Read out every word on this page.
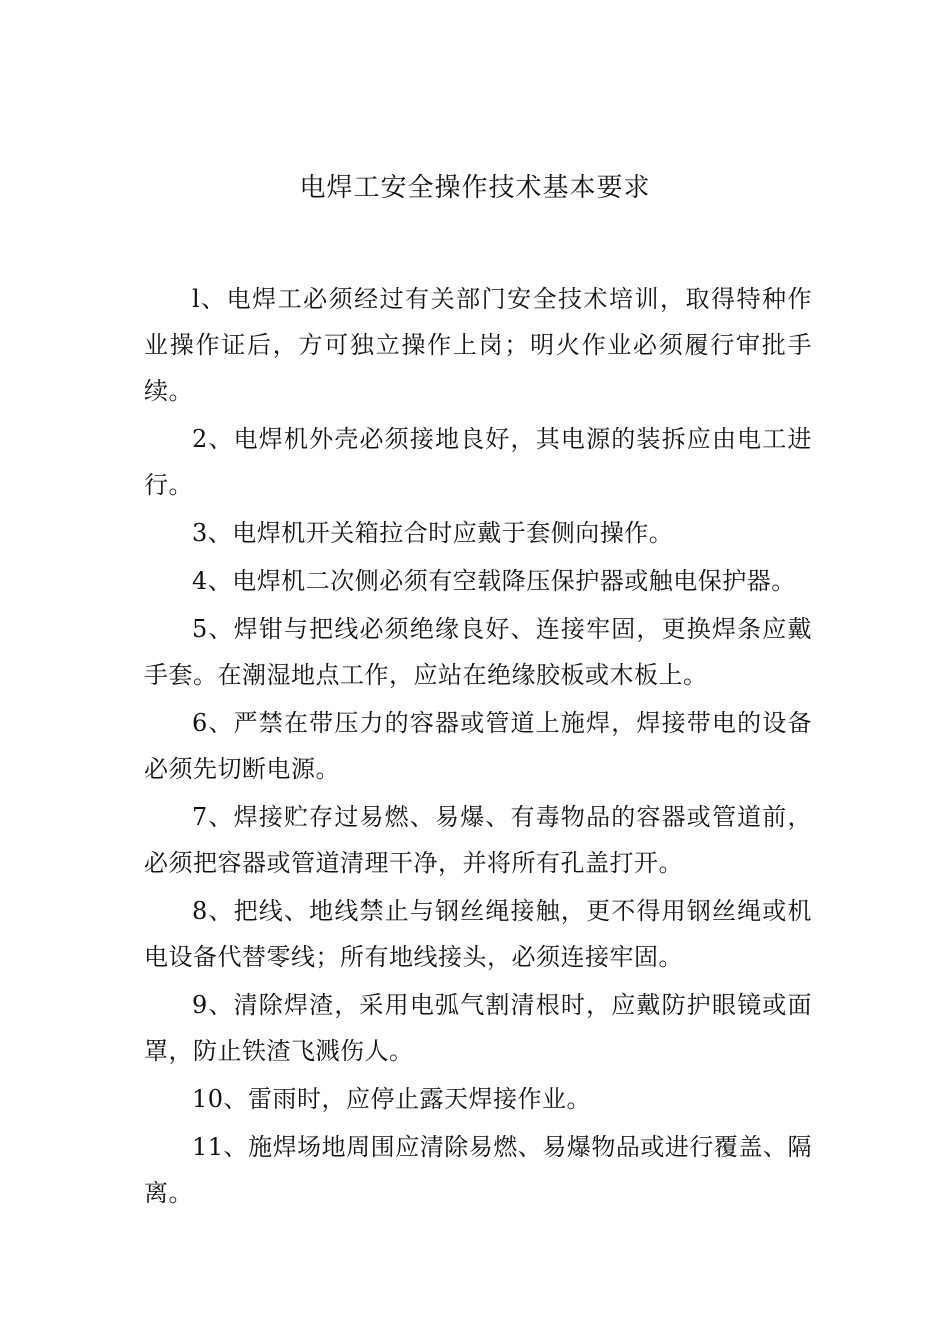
电焊工安全操作技术基本要求

l、电焊工必须经过有关部门安全技术培训，取得特种作业操作证后，方可独立操作上岗；明火作业必须履行审批手续。

2、电焊机外壳必须接地良好，其电源的装拆应由电工进行。

3、电焊机开关箱拉合时应戴于套侧向操作。

4、电焊机二次侧必须有空载降压保护器或触电保护器。

5、焊钳与把线必须绝缘良好、连接牢固，更换焊条应戴手套。在潮湿地点工作，应站在绝缘胶板或木板上。

6、严禁在带压力的容器或管道上施焊，焊接带电的设备必须先切断电源。

7、焊接贮存过易燃、易爆、有毒物品的容器或管道前，必须把容器或管道清理干净，并将所有孔盖打开。

8、把线、地线禁止与钢丝绳接触，更不得用钢丝绳或机电设备代替零线；所有地线接头，必须连接牢固。

9、清除焊渣，采用电弧气割清根时，应戴防护眼镜或面罩，防止铁渣飞溅伤人。

10、雷雨时，应停止露天焊接作业。

11、施焊场地周围应清除易燃、易爆物品或进行覆盖、隔离。
